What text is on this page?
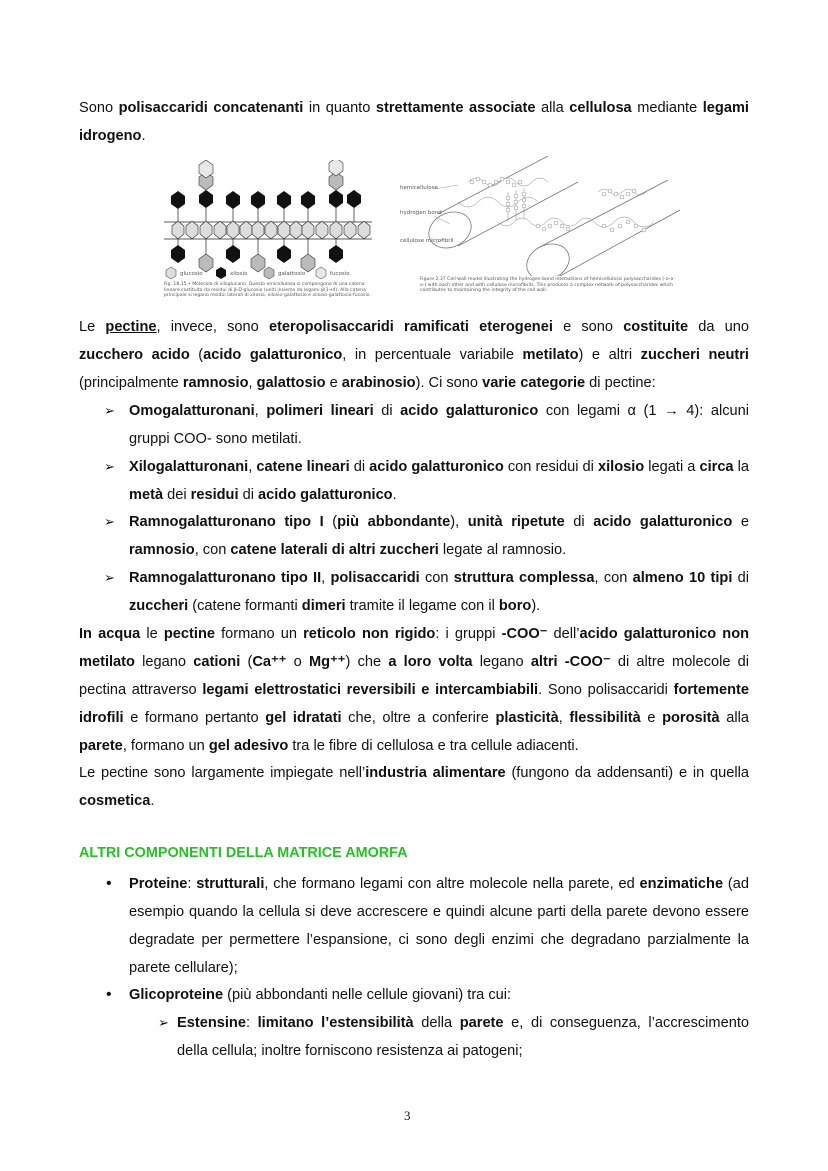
Sono polisaccaridi concatenanti in quanto strettamente associate alla cellulosa mediante legami idrogeno.

glucosio	xilosio	galattosio	fucosio
Fig. 18.15 • Molecola di xiloglucano. Questo emicellulosa si compongono di una catena lineare costituita da residui di β-D-glucosio (uniti insieme da legami β(1→4). Alla catena principale si legano residui laterali di xilosio, xilosio-galattosio e xilosio-galattosio-fucosio.
hemicellulose
hydrogen bond
cellulose microfibril
Figure 2.37 Cell-wall model illustrating the hydrogen-bond interactions of hemicellulosic polysaccharides (-o-o-o-) with each other and with cellulose microfibrils. This produces a complex network of polysaccharides which contributes to maintaining the integrity of the cell wall.

Le pectine, invece, sono eteropolisaccaridi ramificati eterogenei e sono costituite da uno zucchero acido (acido galatturonico, in percentuale variabile metilato) e altri zuccheri neutri (principalmente ramnosio, galattosio e arabinosio). Ci sono varie categorie di pectine:

➢ Omogalatturonani, polimeri lineari di acido galatturonico con legami α (1 → 4): alcuni gruppi COO- sono metilati.
➢ Xilogalatturonani, catene lineari di acido galatturonico con residui di xilosio legati a circa la metà dei residui di acido galatturonico.
➢ Ramnogalatturonano tipo I (più abbondante), unità ripetute di acido galatturonico e ramnosio, con catene laterali di altri zuccheri legate al ramnosio.
➢ Ramnogalatturonano tipo II, polisaccaridi con struttura complessa, con almeno 10 tipi di zuccheri (catene formanti dimeri tramite il legame con il boro).

In acqua le pectine formano un reticolo non rigido: i gruppi -COO⁻ dell’acido galatturonico non metilato legano cationi (Ca⁺⁺ o Mg⁺⁺) che a loro volta legano altri -COO⁻ di altre molecole di pectina attraverso legami elettrostatici reversibili e intercambiabili. Sono polisaccaridi fortemente idrofili e formano pertanto gel idratati che, oltre a conferire plasticità, flessibilità e porosità alla parete, formano un gel adesivo tra le fibre di cellulosa e tra cellule adiacenti.

Le pectine sono largamente impiegate nell’industria alimentare (fungono da addensanti) e in quella cosmetica.

ALTRI COMPONENTI DELLA MATRICE AMORFA
•	Proteine: strutturali, che formano legami con altre molecole nella parete, ed enzimatiche (ad esempio quando la cellula si deve accrescere e quindi alcune parti della parete devono essere degradate per permettere l’espansione, ci sono degli enzimi che degradano parzialmente la parete cellulare);
•	Glicoproteine (più abbondanti nelle cellule giovani) tra cui:
➢ Estensine: limitano l’estensibilità della parete e, di conseguenza, l’accrescimento della cellula; inoltre forniscono resistenza ai patogeni;
3
